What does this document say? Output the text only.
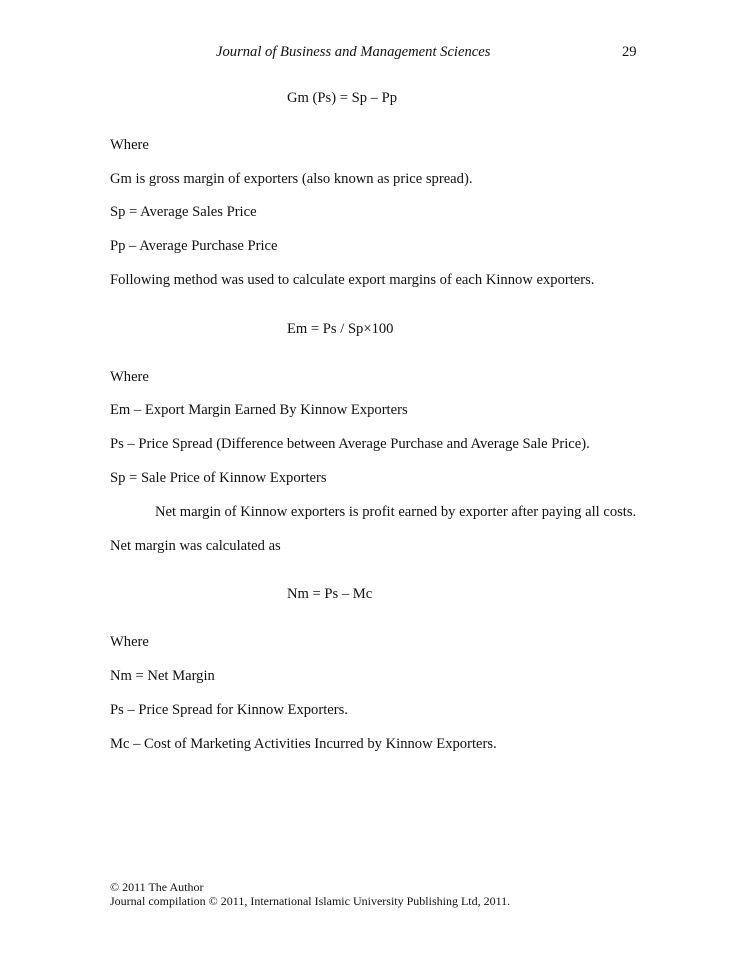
Journal of Business and Management Sciences	29
Gm (Ps) = Sp – Pp
Where
Gm is gross margin of exporters (also known as price spread).
Sp = Average Sales Price
Pp – Average Purchase Price
Following method was used to calculate export margins of each Kinnow exporters.
Em = Ps / Sp×100
Where
Em – Export Margin Earned By Kinnow Exporters
Ps – Price Spread (Difference between Average Purchase and Average Sale Price).
Sp = Sale Price of Kinnow Exporters
Net margin of Kinnow exporters is profit earned by exporter after paying all costs.
Net margin was calculated as
Nm = Ps – Mc
Where
Nm = Net Margin
Ps – Price Spread for Kinnow Exporters.
Mc – Cost of Marketing Activities Incurred by Kinnow Exporters.
© 2011 The Author
Journal compilation © 2011, International Islamic University Publishing Ltd, 2011.
